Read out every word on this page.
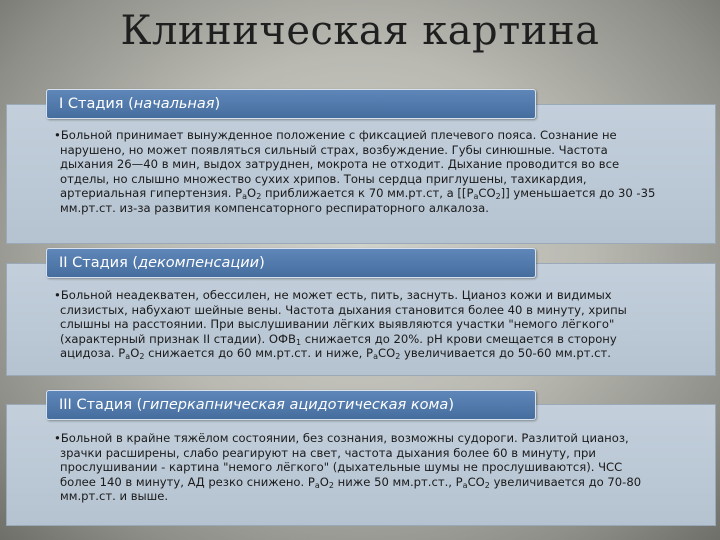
Клиническая картина
I Стадия (начальная)

•Больной принимает вынужденное положение с фиксацией плечевого пояса. Сознание не нарушено, но может появляться сильный страх, возбуждение. Губы синюшные. Частота дыхания 26—40 в мин, выдох затруднен, мокрота не отходит. Дыхание проводится во все отделы, но слышно множество сухих хрипов. Тоны сердца приглушены, тахикардия, артериальная гипертензия. $P_aO_2$ приближается к 70 мм.рт.ст, а $[[P_aCO_2]]$ уменьшается до 30 -35 мм.рт.ст. из-за развития компенсаторного респираторного алкалоза.

II Стадия (декомпенсации)

•Больной неадекватен, обессилен, не может есть, пить, заснуть. Цианоз кожи и видимых слизистых, набухают шейные вены. Частота дыхания становится более 40 в минуту, хрипы слышны на расстоянии. При выслушивании лёгких выявляются участки "немого лёгкого" (характерный признак II стадии). $ОФВ_1$ снижается до 20%. pH крови смещается в сторону ацидоза. $P_aO_2$ снижается до 60 мм.рт.ст. и ниже, $P_aCO_2$ увеличивается до 50-60 мм.рт.ст.

III Стадия (гиперкапническая ацидотическая кома)

•Больной в крайне тяжёлом состоянии, без сознания, возможны судороги. Разлитой цианоз, зрачки расширены, слабо реагируют на свет, частота дыхания более 60 в минуту, при прослушивании - картина "немого лёгкого" (дыхательные шумы не прослушиваются). ЧСС более 140 в минуту, АД резко снижено. $P_aO_2$ ниже 50 мм.рт.ст., $P_aCO_2$ увеличивается до 70-80 мм.рт.ст. и выше.
